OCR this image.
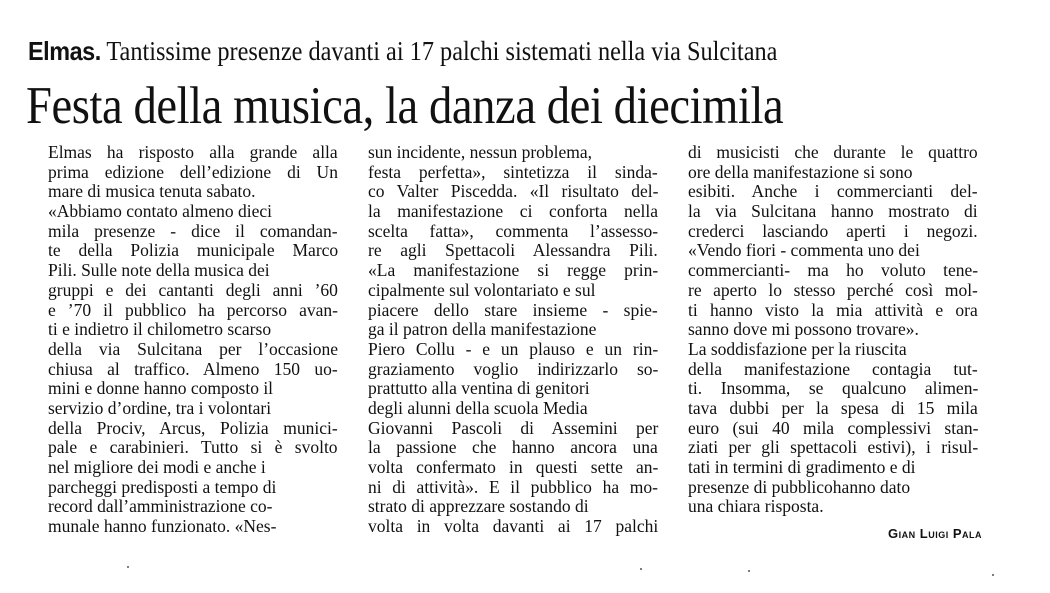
Elmas. Tantissime presenze davanti ai 17 palchi sistemati nella via Sulcitana
Festa della musica, la danza dei diecimila
Elmas ha risposto alla grande alla
prima edizione dell’edizione di Un
mare di musica tenuta sabato.
«Abbiamo contato almeno dieci
mila presenze - dice il comandan-
te della Polizia municipale Marco
Pili. Sulle note della musica dei
gruppi e dei cantanti degli anni ’60
e ’70 il pubblico ha percorso avan-
ti e indietro il chilometro scarso
della via Sulcitana per l’occasione
chiusa al traffico. Almeno 150 uo-
mini e donne hanno composto il
servizio d’ordine, tra i volontari
della Prociv, Arcus, Polizia munici-
pale e carabinieri. Tutto si è svolto
nel migliore dei modi e anche i
parcheggi predisposti a tempo di
record dall’amministrazione co-
munale hanno funzionato. «Nes-
sun incidente, nessun problema,
festa perfetta», sintetizza il sinda-
co Valter Piscedda. «Il risultato del-
la manifestazione ci conforta nella
scelta fatta», commenta l’assesso-
re agli Spettacoli Alessandra Pili.
«La manifestazione si regge prin-
cipalmente sul volontariato e sul
piacere dello stare insieme - spie-
ga il patron della manifestazione
Piero Collu - e un plauso e un rin-
graziamento voglio indirizzarlo so-
prattutto alla ventina di genitori
degli alunni della scuola Media
Giovanni Pascoli di Assemini per
la passione che hanno ancora una
volta confermato in questi sette an-
ni di attività». E il pubblico ha mo-
strato di apprezzare sostando di
volta in volta davanti ai 17 palchi
di musicisti che durante le quattro
ore della manifestazione si sono
esibiti. Anche i commercianti del-
la via Sulcitana hanno mostrato di
crederci lasciando aperti i negozi.
«Vendo fiori - commenta uno dei
commercianti- ma ho voluto tene-
re aperto lo stesso perché così mol-
ti hanno visto la mia attività e ora
sanno dove mi possono trovare».
La soddisfazione per la riuscita
della manifestazione contagia tut-
ti. Insomma, se qualcuno alimen-
tava dubbi per la spesa di 15 mila
euro (sui 40 mila complessivi stan-
ziati per gli spettacoli estivi), i risul-
tati in termini di gradimento e di
presenze di pubblicohanno dato
una chiara risposta.
Gian Luigi Pala
